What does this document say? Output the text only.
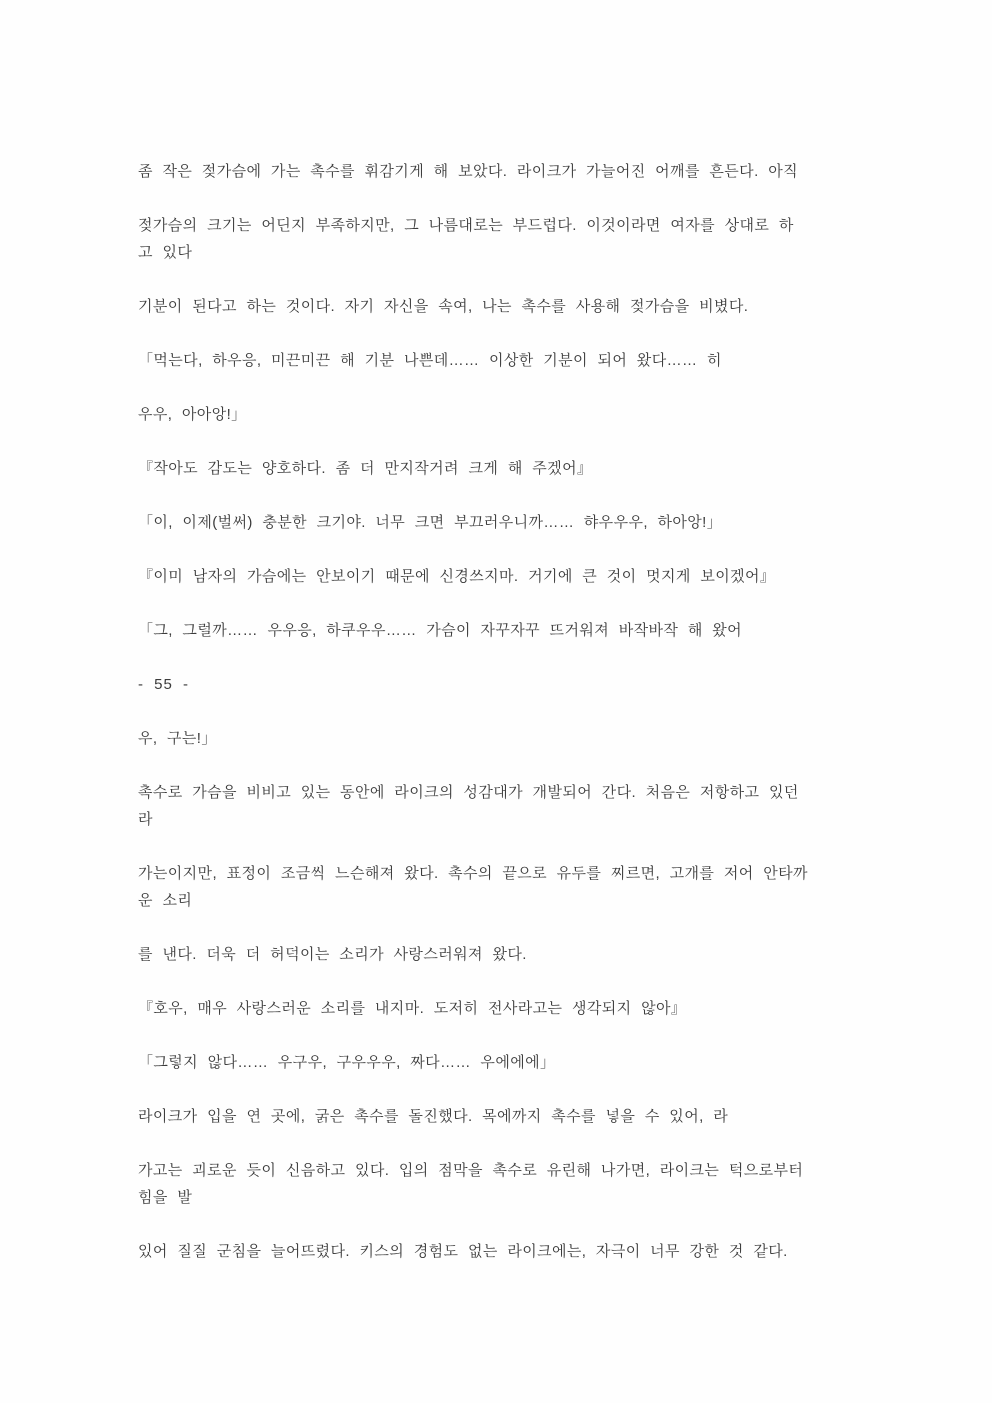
좀 작은 젖가슴에 가는 촉수를 휘감기게 해 보았다. 라이크가 가늘어진 어깨를 흔든다. 아직
젖가슴의 크기는 어딘지 부족하지만, 그 나름대로는 부드럽다. 이것이라면 여자를 상대로 하
고 있다
기분이 된다고 하는 것이다. 자기 자신을 속여, 나는 촉수를 사용해 젖가슴을 비볐다.
「먹는다, 하우응, 미끈미끈 해 기분 나쁜데…… 이상한 기분이 되어 왔다…… 히
우우, 아아앙!」
『작아도 감도는 양호하다. 좀 더 만지작거려 크게 해 주겠어』
「이, 이제(벌써) 충분한 크기야. 너무 크면 부끄러우니까…… 햐우우우, 하아앙!」
『이미 남자의 가슴에는 안보이기 때문에 신경쓰지마. 거기에 큰 것이 멋지게 보이겠어』
「그, 그럴까…… 우우응, 하쿠우우…… 가슴이 자꾸자꾸 뜨거워져 바작바작 해 왔어
- 55 -
우, 구는!」
촉수로 가슴을 비비고 있는 동안에 라이크의 성감대가 개발되어 간다. 처음은 저항하고 있던
라
가는이지만, 표정이 조금씩 느슨해져 왔다. 촉수의 끝으로 유두를 찌르면, 고개를 저어 안타까
운 소리
를 낸다. 더욱 더 허덕이는 소리가 사랑스러워져 왔다.
『호우, 매우 사랑스러운 소리를 내지마. 도저히 전사라고는 생각되지 않아』
「그렇지 않다…… 우구우, 구우우우, 짜다…… 우에에에」
라이크가 입을 연 곳에, 굵은 촉수를 돌진했다. 목에까지 촉수를 넣을 수 있어, 라
가고는 괴로운 듯이 신음하고 있다. 입의 점막을 촉수로 유린해 나가면, 라이크는 턱으로부터
힘을 발
있어 질질 군침을 늘어뜨렸다. 키스의 경험도 없는 라이크에는, 자극이 너무 강한 것 같다.
